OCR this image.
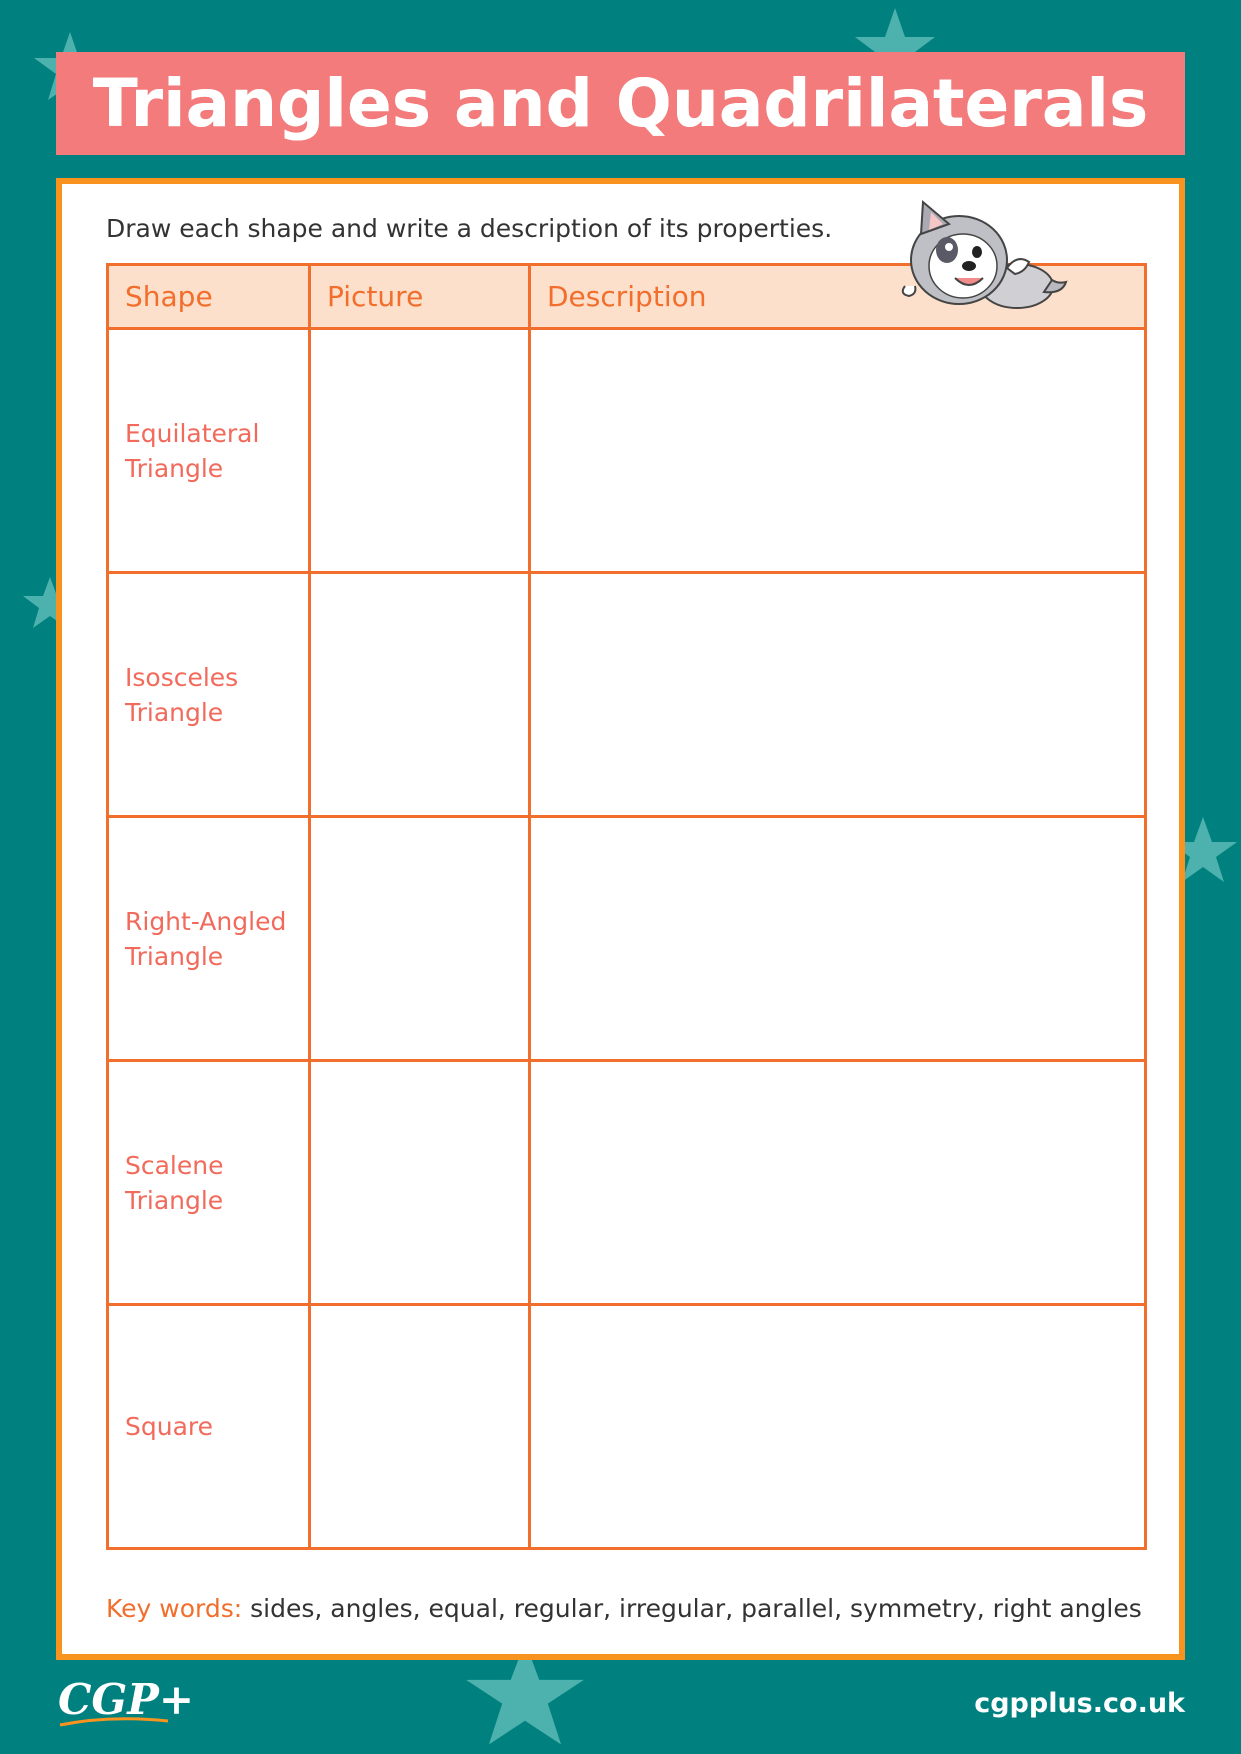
Triangles and Quadrilaterals
Draw each shape and write a description of its properties.
Shape	Picture	Description

Equilateral
Triangle		

Isosceles
Triangle		

Right-Angled
Triangle		

Scalene
Triangle		

Square		

Key words: sides, angles, equal, regular, irregular, parallel, symmetry, right angles
CGP+	cgpplus.co.uk
